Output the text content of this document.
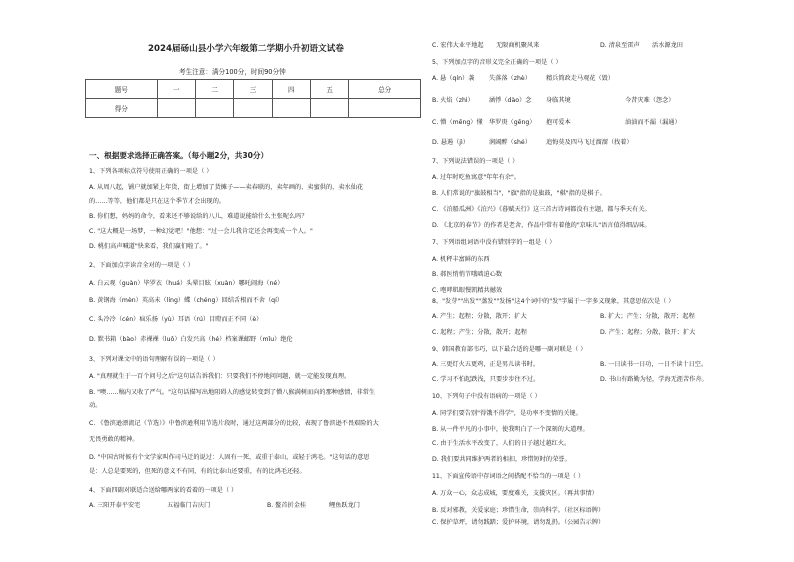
2024届砀山县小学六年级第二学期小升初语文试卷
考生注意：满分100分，时间90分钟
题号	一	二	三	四	五	总分
得分						
一、根据要求选择正确答案。（每小题2分，共30分）
1、下列各项标点符号使用正确的一项是（ ）
A. 从周八起，铺户就加紧上年货，街上增加了货摊子——卖春联的、卖年画的、卖蜜供的、卖水仙花
的……等等，他们都是只在这个季节才会出现的。
B. 你们想，妈妈的命令，看来还不够说给的八儿，难道说能给什么主张呢么吗？
C. "这大概是一场梦，一种幻觉吧！"他想："过一会儿我肯定还会再变成一个人。"
D. 桃们高声喊道"快来看，我们赢们啦了。"
2、下面加点字读音全对的一项是（ ）
A. 白云观（guàn）毕罗衣（huá）头晕目眩（xuàn）哪吒闹海（né）
B. 黄钢海（mèn）英高未（líng）蝶（chéng）回结舌根而不舍（qí）
C. 头冷冷（cén）疯乐扬（yù）耳语（rú）目瞪而正不同（è）
D. 默书箱（bào）赤裸裸（luǒ）白发兴高（hé）档案课邮野（mǐu）绝伦
3、下列对课文中的语句理解有误的一项是（ ）
A. "真理就生于一百个问号之后"这句话告诉我们：只要我们不停地问问题，就一定能发现真理。
B. "噢……稿内又收了严气。"这句话描写出地阻碍人的感觉转变到了懵八猴满树而向的那种感情，非常生
动。
C. 《鲁滨逊漂流记（节选）》中鲁滨逊利用节选片段时，通过这两部分的比较，表现了鲁滨逊不畏艰险的大
无畏勇敢的精神。
D. "中国古时候有个文学家叫作司马迁的说过：人固有一死，或重于泰山，或轻于鸿毛。"这句话的意思
是：人总是要死的，但死的意义不有同，有的比泰山还要重，有的比鸿毛还轻。
4、下面四副对联适合送给哪两家的看着的一项是（ ）
A. 三阳开泰平安宅	五福临门吉庆门	B. 鳌首折金桂	鲤鱼跃龙门
C. 宏伟大业平地起　　无限商机聚风来	D. 清泉至雷声　　活水源龙田
5、下列加点字的音形义完全正确的一项是（ ）
A. 悬（qín）袭 失落落（zhè） 精兵简政走马观花（毁）
B. 火焰（zhì） 涵悸（dào）念 身临其境	今昔灾难（怨念）
C. 懵（mēng）懂 华罗庚（gēng） 抱可爱本	油油而不漏（漏通）
D. 悬遏（jì）	润阔醉（shé） 追悔莫及四马飞过溜溜（找着）
7、下列说法错误的一项是（ ）
A. 过年时吃鱼寓意"年年有余"。
B. 人们常说的"旗鼓相当"，"旗"指的是旗鼓，"棋"指的是棋子。
C. 《泊船瓜洲》《泊兴》《暮赋天行》这三首古诗词都没有主题，都与季天有关。
D. 《北京的春节》的作者是老舍，作品中常有着他的"京味儿"语言值得细品味。
7、下列语组词语中没有错别字的一组是（ ）
A. 机秤丰富鲜的东西
B. 郝医悄悄节哦啮迫心数
C. 咆哮肌眼慢凯精共撼效
8、"发芽""出发""蒸发""发扬"这4个词中的"发"字属于一字多义现象，其意思依次是（ ）
A. 产生；起程；分散，散开；扩大	B. 扩大；产生；分散，散开；起程
C. 起程；产生；分散，散开；起程	D. 产生；起程；分散，散开；扩大
9、韩国教育部韦巧，以下最合适的是哪一副对联是（ ）
A. 三更灯火五更鸡，正是男儿读书时。	B. 一日读书一日功，一日不读十日空。
C. 学习不怕起跌浅，只要步步往不过。	D. 书山有路勤为径，学海无涯苦作舟。
10、下列句子中没有语病的一项是（ ）
A. 同学们要告别"得饿不得学"，是功率不变情的关键。
B. 从一件平凡的小事中，使我明白了一个深刻的大道理。
C. 由于生活水平改变了，人们的日子越过越红火。
D. 我们要共同维护两者的相扣，珍惜短时的荣誉。
11、下面宣传语中存词语之间搭配不恰当的一项是（ ）
A. 万众一心，众志成城，要度难关，支援灾区。（再共事情）
B. 反对邪教，关爱家庭；珍惜生命，崇尚科学。（社区标语牌）
C. 保护草坪，请勿践踏；爱护环境，请勿乱扔。（公园告示牌）
